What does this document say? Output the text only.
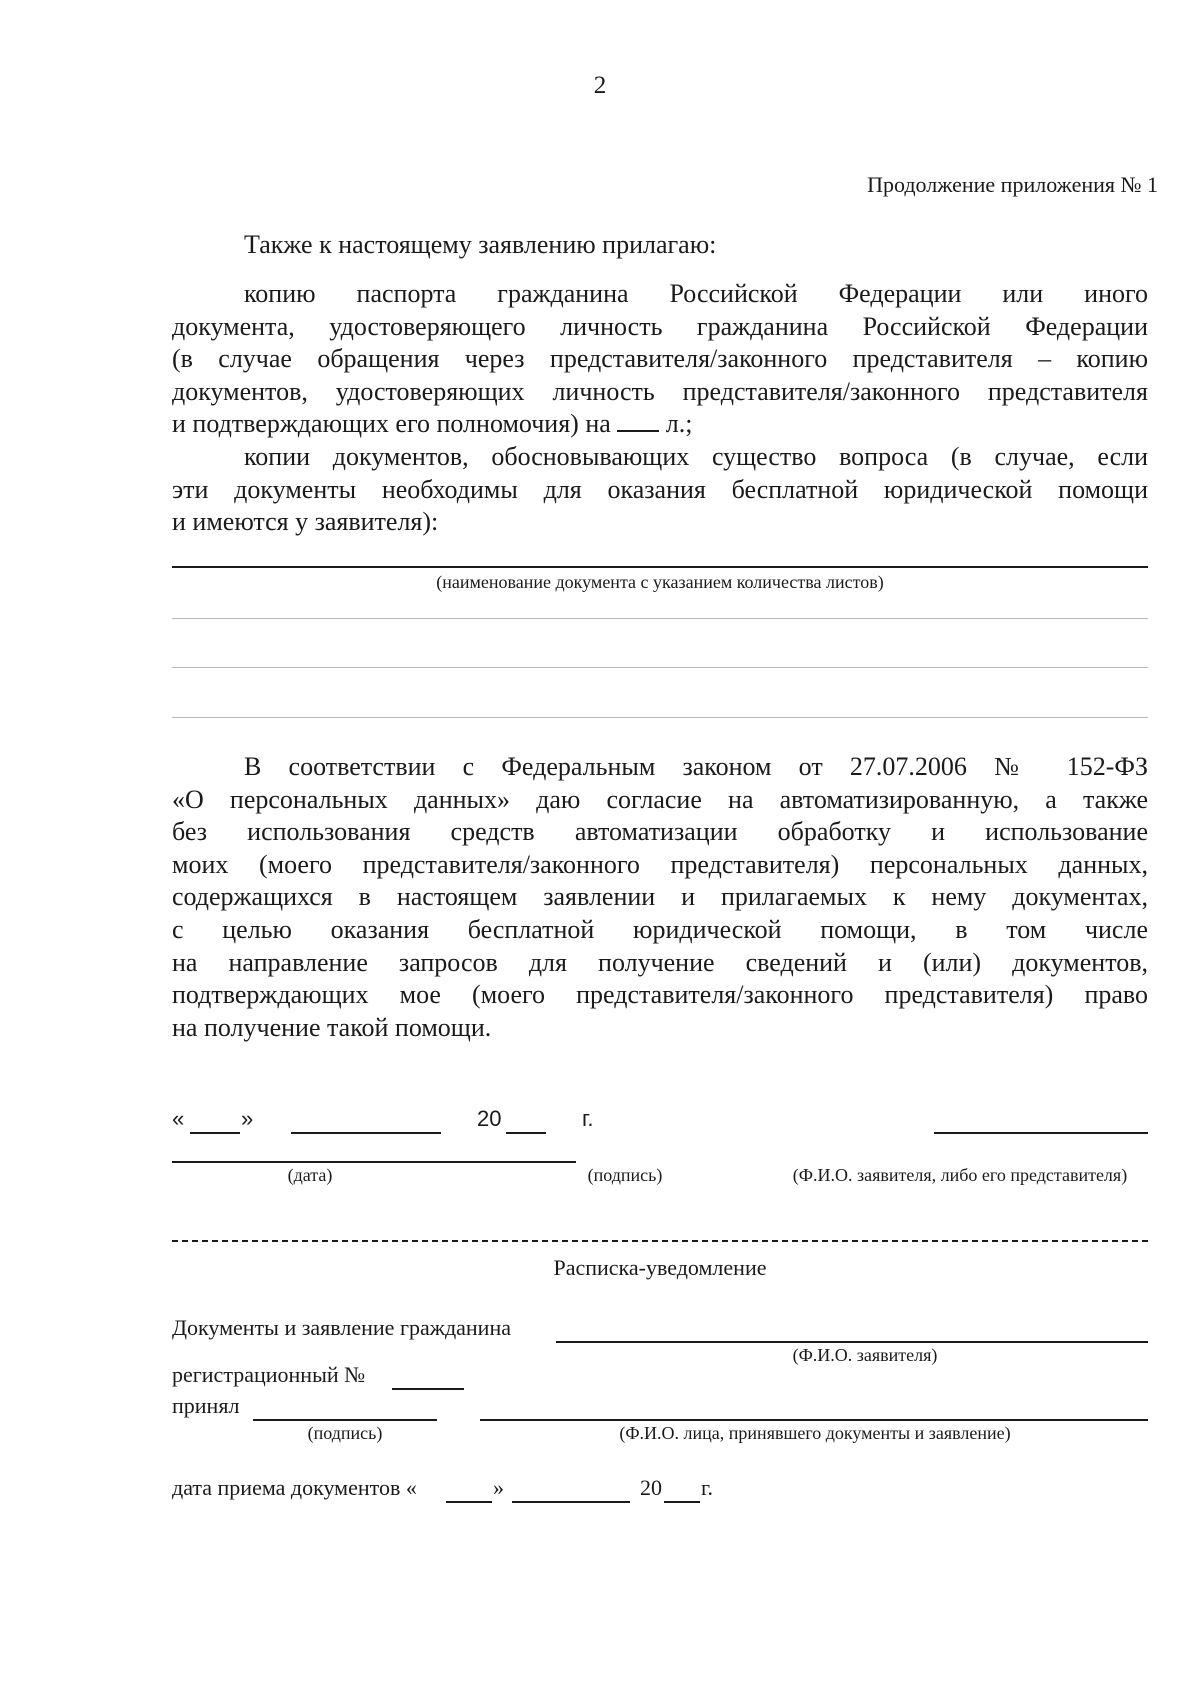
2
Продолжение приложения № 1
Также к настоящему заявлению прилагаю:
копию паспорта гражданина Российской Федерации или иного
документа, удостоверяющего личность гражданина Российской Федерации
(в случае обращения через представителя/законного представителя – копию
документов, удостоверяющих личность представителя/законного представителя
и подтверждающих его полномочия) на л.;
копии документов, обосновывающих существо вопроса (в случае, если
эти документы необходимы для оказания бесплатной юридической помощи
и имеются у заявителя):
(наименование документа с указанием количества листов)
В соответствии с Федеральным законом от 27.07.2006 № 152-ФЗ
«О персональных данных» даю согласие на автоматизированную, а также
без использования средств автоматизации обработку и использование
моих (моего представителя/законного представителя) персональных данных,
содержащихся в настоящем заявлении и прилагаемых к нему документах,
с целью оказания бесплатной юридической помощи, в том числе
на направление запросов для получение сведений и (или) документов,
подтверждающих мое (моего представителя/законного представителя) право
на получение такой помощи.
«	»	20	г.
(дата)	(подпись)	(Ф.И.О. заявителя, либо его представителя)
Расписка-уведомление
Документы и заявление гражданина
(Ф.И.О. заявителя)
регистрационный №
принял
(подпись)	(Ф.И.О. лица, принявшего документы и заявление)
дата приема документов «	»	20 г.
